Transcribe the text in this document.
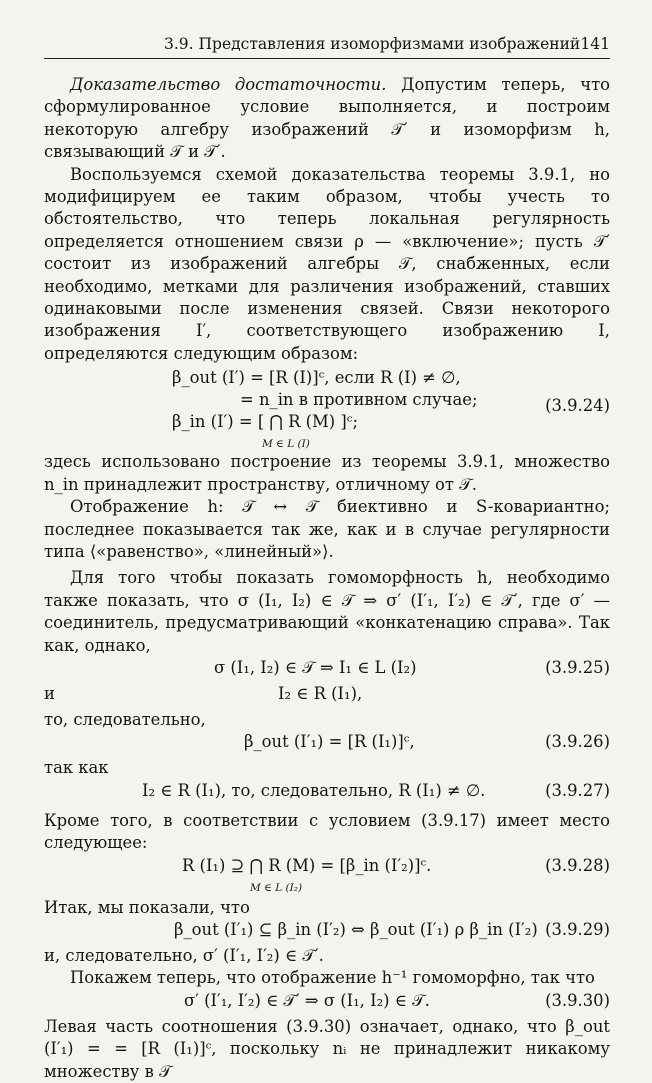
3.9. Представления изоморфизмами изображений 141

Доказательство достаточности. Допустим теперь, что сформулированное условие выполняется, и построим некоторую алгебру изображений 𝒯′ и изоморфизм h, связывающий 𝒯 и 𝒯′.

Воспользуемся схемой доказательства теоремы 3.9.1, но модифицируем ее таким образом, чтобы учесть то обстоятельство, что теперь локальная регулярность определяется отношением связи ρ — «включение»; пусть 𝒯′ состоит из изображений алгебры 𝒯, снабженных, если необходимо, метками для различения изображений, ставших одинаковыми после изменения связей. Связи некоторого изображения I′, соответствующего изображению I, определяются следующим образом:

β_out (I′) = [R (I)]ᶜ, если R (I) ≠ ∅,
= n_in в противном случае;
β_in (I′) = [ ⋂ R (M) ]ᶜ;
M ∈ L (I)
(3.9.24)

здесь использовано построение из теоремы 3.9.1, множество n_in принадлежит пространству, отличному от 𝒯.

Отображение h: 𝒯 ↔ 𝒯 биективно и S-ковариантно; последнее показывается так же, как и в случае регулярности типа ⟨«равенство», «линейный»⟩.

Для того чтобы показать гомоморфность h, необходимо также показать, что σ (I₁, I₂) ∈ 𝒯 ⇒ σ′ (I′₁, I′₂) ∈ 𝒯′, где σ′ — соединитель, предусматривающий «конкатенацию справа». Так как, однако,

σ (I₁, I₂) ∈ 𝒯 ⇒ I₁ ∈ L (I₂)	(3.9.25)
и	I₂ ∈ R (I₁),

то, следовательно,

β_out (I′₁) = [R (I₁)]ᶜ,	(3.9.26)

так как

I₂ ∈ R (I₁), то, следовательно, R (I₁) ≠ ∅.	(3.9.27)

Кроме того, в соответствии с условием (3.9.17) имеет место следующее:

R (I₁) ⊇ ⋂ R (M) = [β_in (I′₂)]ᶜ.
M ∈ L (I₂)
(3.9.28)

Итак, мы показали, что

β_out (I′₁) ⊆ β_in (I′₂) ⇔ β_out (I′₁) ρ β_in (I′₂) (3.9.29)

и, следовательно, σ′ (I′₁, I′₂) ∈ 𝒯′.

Покажем теперь, что отображение h⁻¹ гомоморфно, так что

σ′ (I′₁, I′₂) ∈ 𝒯′ ⇒ σ (I₁, I₂) ∈ 𝒯.	(3.9.30)

Левая часть соотношения (3.9.30) означает, однако, что β_out (I′₁) = = [R (I₁)]ᶜ, поскольку nᵢ не принадлежит никакому множеству в 𝒯
